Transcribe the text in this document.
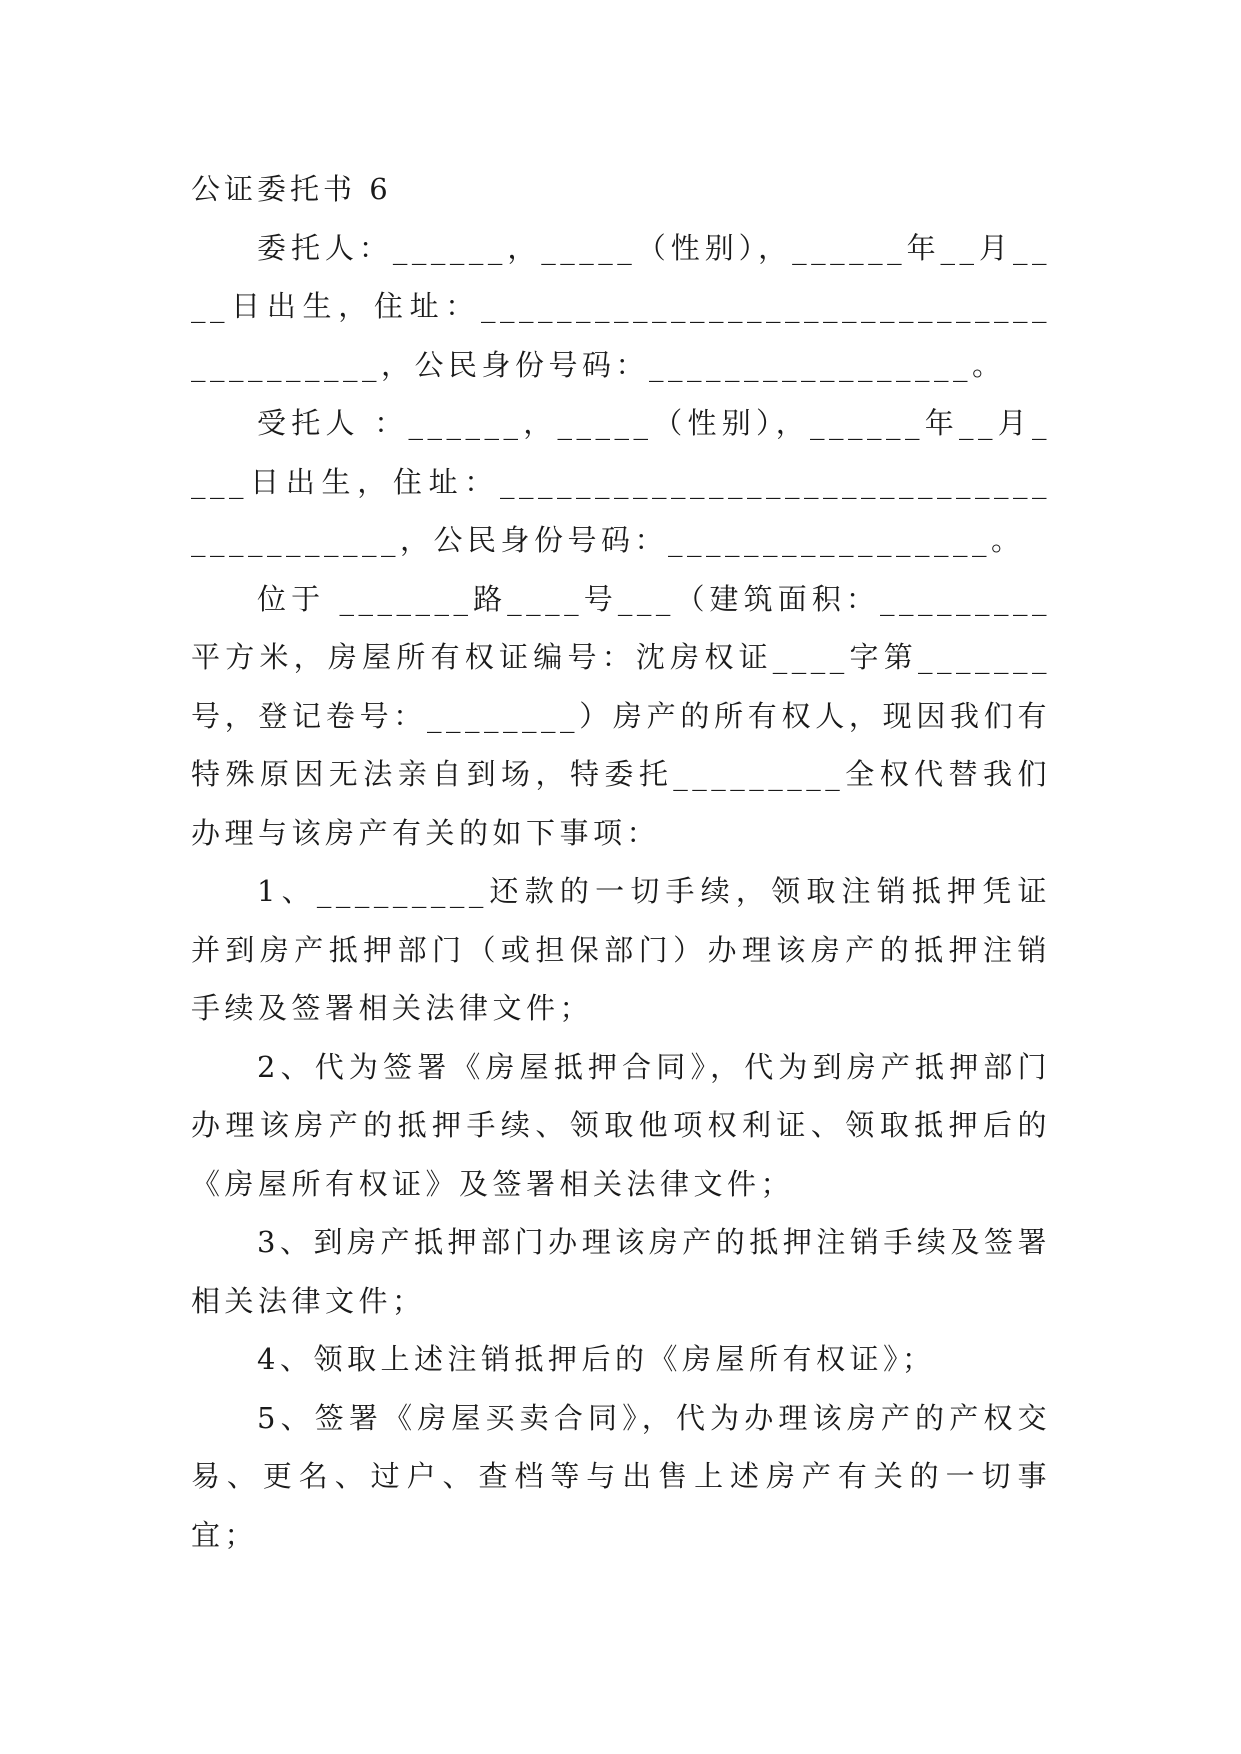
公证委托书 6

委托人：______，_____（性别），______年__月____日出生，住址：________________________________________，公民身份号码：_________________。

受托人 ：______，_____（性别），______年__月____日出生，住址：________________________________________，公民身份号码：_________________。

位于 _______路____号___（建筑面积：_________平方米，房屋所有权证编号：沈房权证____字第_______号，登记卷号：________）房产的所有权人，现因我们有特殊原因无法亲自到场，特委托_________全权代替我们办理与该房产有关的如下事项：

1、_________还款的一切手续，领取注销抵押凭证并到房产抵押部门（或担保部门）办理该房产的抵押注销手续及签署相关法律文件；

2、代为签署《房屋抵押合同》，代为到房产抵押部门办理该房产的抵押手续、领取他项权利证、领取抵押后的《房屋所有权证》及签署相关法律文件；

3、到房产抵押部门办理该房产的抵押注销手续及签署相关法律文件；

4、领取上述注销抵押后的《房屋所有权证》；

5、签署《房屋买卖合同》，代为办理该房产的产权交易、更名、过户、查档等与出售上述房产有关的一切事宜；
